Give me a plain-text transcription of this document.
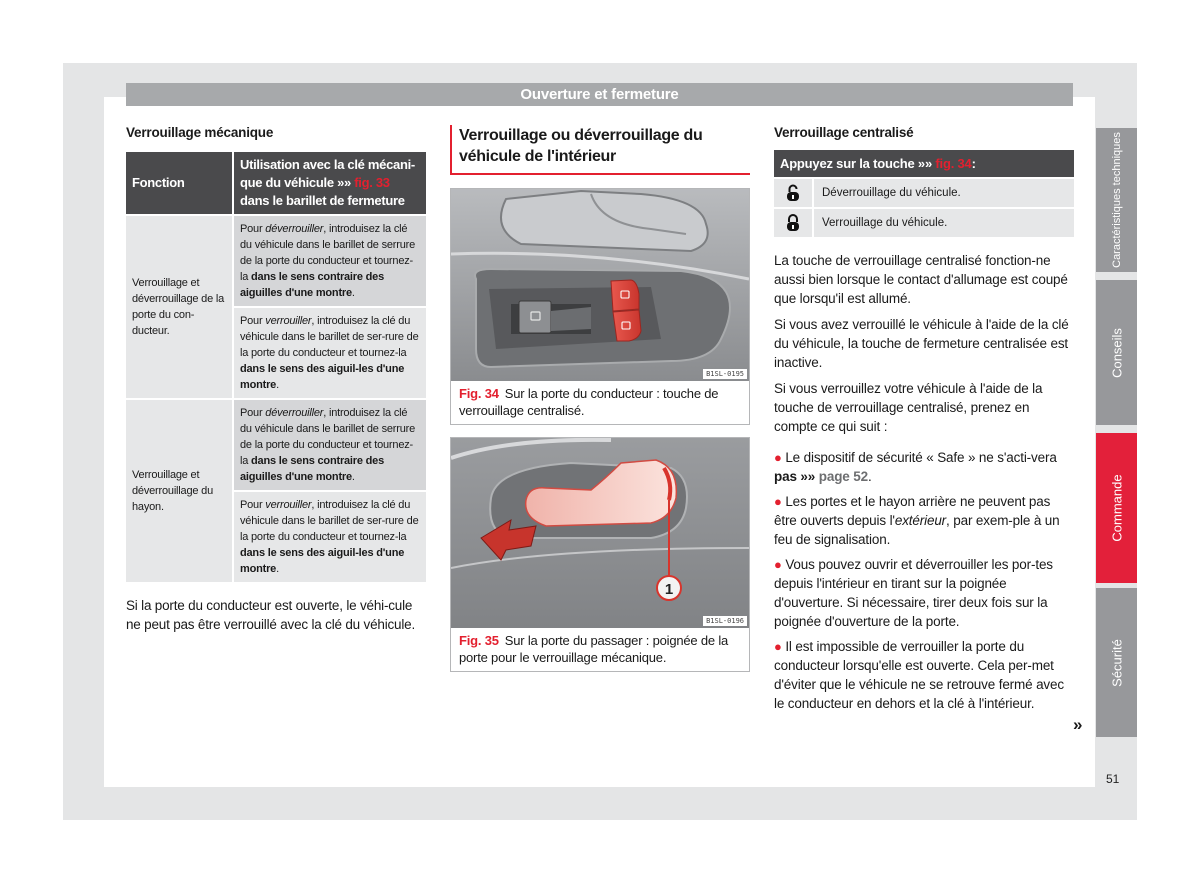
Ouverture et fermeture
Verrouillage mécanique
Fonction	Utilisation avec la clé mécani-que du véhicule »» fig. 33 dans le barillet de fermeture
Verrouillage et déverrouillage de la porte du con-ducteur.	Pour déverrouiller, introduisez la clé du véhicule dans le barillet de serrure de la porte du conducteur et tournez-la dans le sens contraire des aiguilles d'une montre.
	Pour verrouiller, introduisez la clé du véhicule dans le barillet de ser-rure de la porte du conducteur et tournez-la dans le sens des aiguil-les d'une montre.
Verrouillage et déverrouillage du hayon.	Pour déverrouiller, introduisez la clé du véhicule dans le barillet de serrure de la porte du conducteur et tournez-la dans le sens contraire des aiguilles d'une montre.
	Pour verrouiller, introduisez la clé du véhicule dans le barillet de ser-rure de la porte du conducteur et tournez-la dans le sens des aiguil-les d'une montre.
Si la porte du conducteur est ouverte, le véhi-cule ne peut pas être verrouillé avec la clé du véhicule.
Verrouillage ou déverrouillage du véhicule de l'intérieur
B1SL-0195
Fig. 34 Sur la porte du conducteur : touche de verrouillage centralisé.
1
B1SL-0196
Fig. 35 Sur la porte du passager : poignée de la porte pour le verrouillage mécanique.
Verrouillage centralisé
Appuyez sur la touche »» fig. 34:
Déverrouillage du véhicule.
Verrouillage du véhicule.

La touche de verrouillage centralisé fonction-ne aussi bien lorsque le contact d'allumage est coupé que lorsqu'il est allumé.

Si vous avez verrouillé le véhicule à l'aide de la clé du véhicule, la touche de fermeture centralisée est inactive.

Si vous verrouillez votre véhicule à l'aide de la touche de verrouillage centralisé, prenez en compte ce qui suit :

● Le dispositif de sécurité « Safe » ne s'acti-vera pas »» page 52.

● Les portes et le hayon arrière ne peuvent pas être ouverts depuis l'extérieur, par exem-ple à un feu de signalisation.

● Vous pouvez ouvrir et déverrouiller les por-tes depuis l'intérieur en tirant sur la poignée d'ouverture. Si nécessaire, tirer deux fois sur la poignée d'ouverture de la porte.

● Il est impossible de verrouiller la porte du conducteur lorsqu'elle est ouverte. Cela per-met d'éviter que le véhicule ne se retrouve fermé avec le conducteur en dehors et la clé à l'intérieur.

»
Caractéristiques techniques
Conseils
Commande
Sécurité
51
